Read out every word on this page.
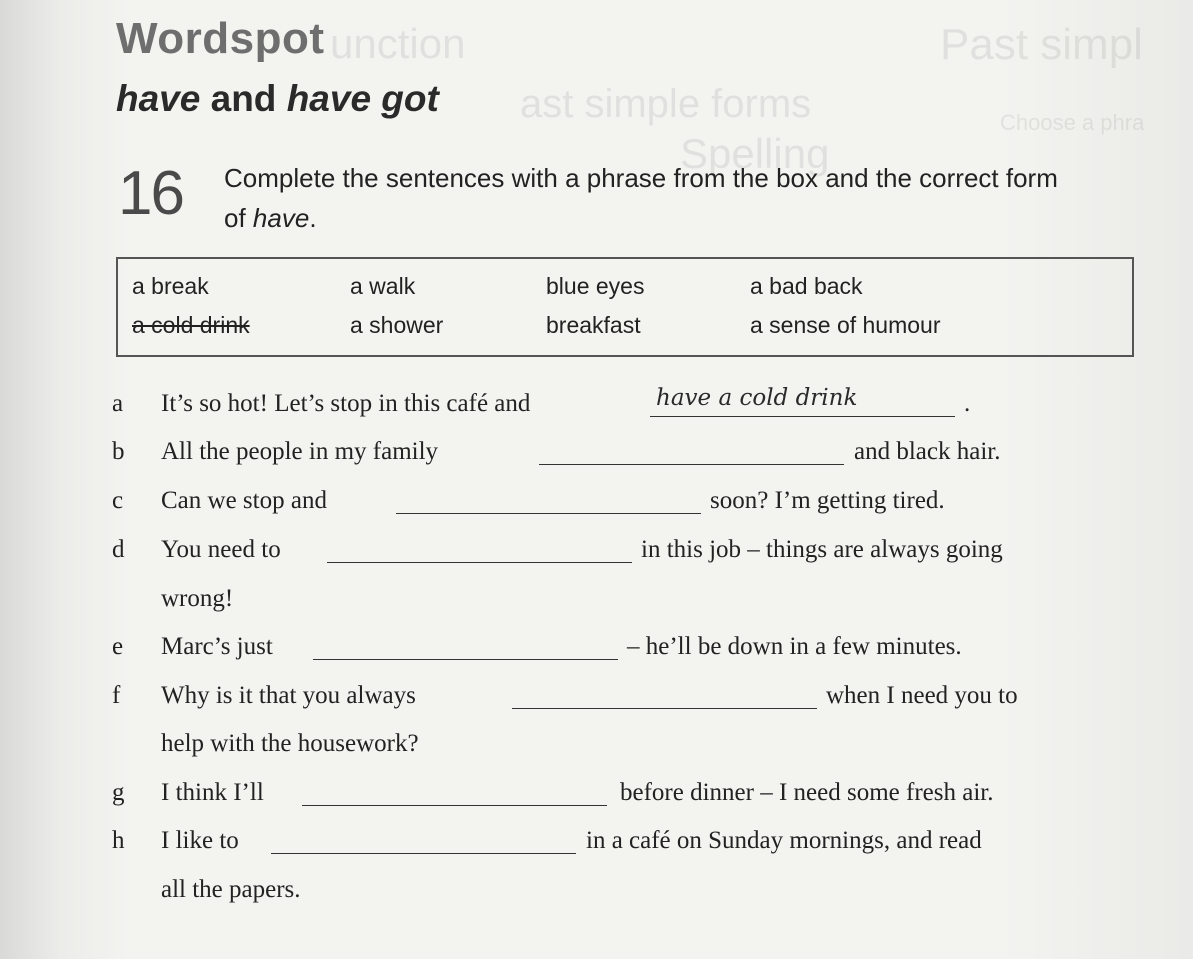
unction
ast simple forms
Spelling
Past simpl
Choose a phra
Wordspot
have and have got
16 Complete the sentences with a phrase from the box and the correct form of have.
a break	a walk	blue eyes	a bad back
a cold drink	a shower	breakfast	a sense of humour
a It’s so hot! Let’s stop in this café and	have a cold drink	.
b All the people in my family	and black hair.
c Can we stop and	soon? I’m getting tired.
d You need to	in this job – things are always going
wrong!
e Marc’s just	– he’ll be down in a few minutes.
f Why is it that you always	when I need you to
help with the housework?
g I think I’ll	before dinner – I need some fresh air.
h I like to	in a café on Sunday mornings, and read
all the papers.
